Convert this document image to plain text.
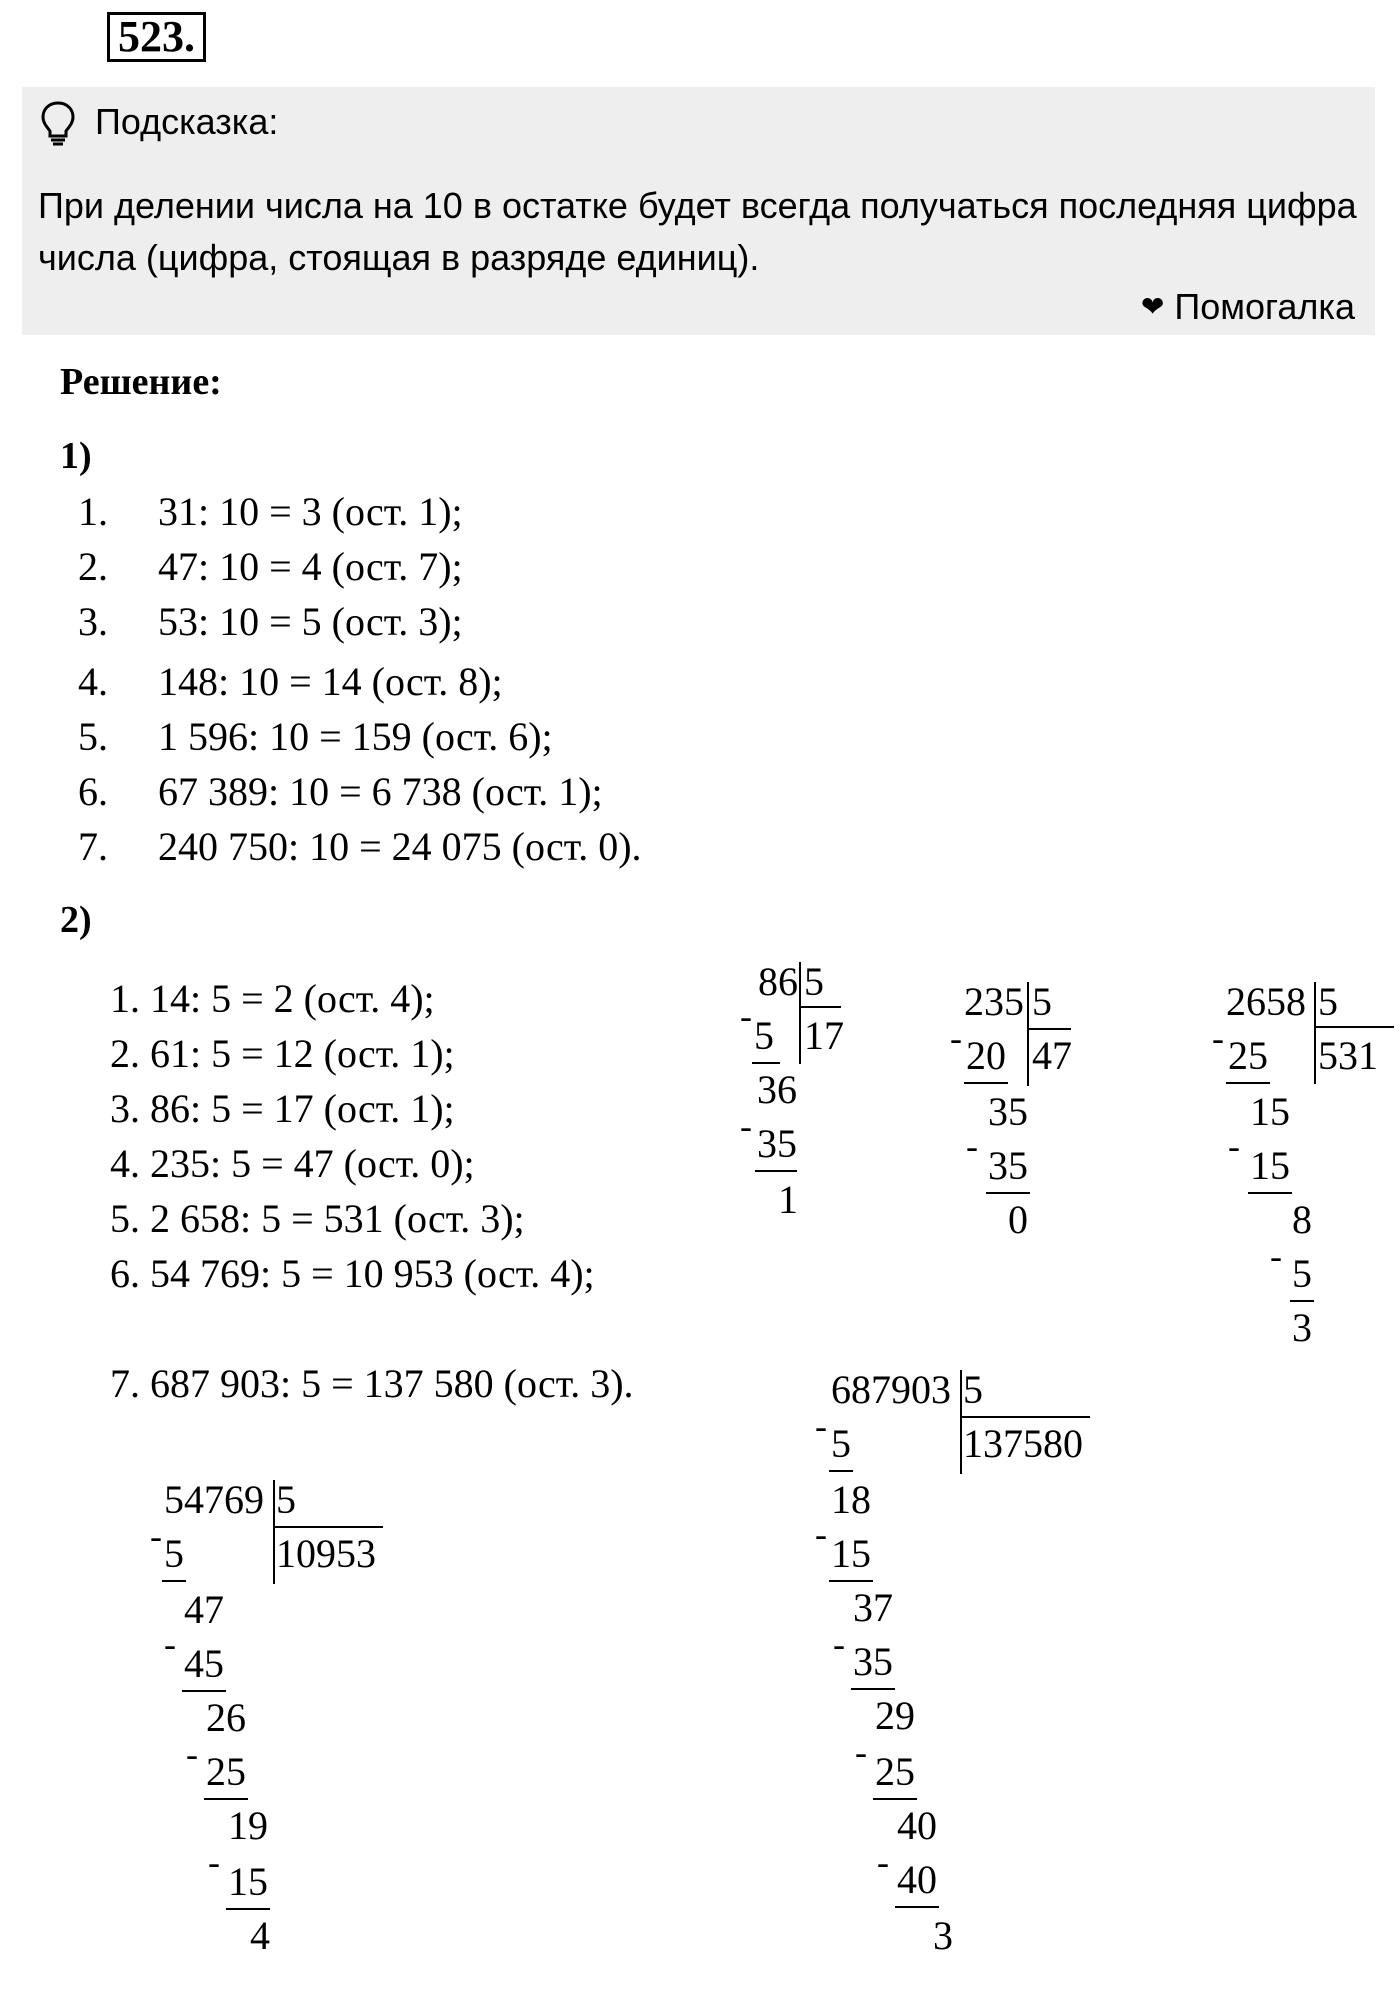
523.
Подсказка:
При делении числа на 10 в остатке будет всегда получаться последняя цифра числа (цифра, стоящая в разряде единиц).
❤ Помогалка
Решение:
1)
1. 31: 10 = 3 (ост. 1);
2. 47: 10 = 4 (ост. 7);
3. 53: 10 = 5 (ост. 3);
4. 148: 10 = 14 (ост. 8);
5. 1 596: 10 = 159 (ост. 6);
6. 67 389: 10 = 6 738 (ост. 1);
7. 240 750: 10 = 24 075 (ост. 0).
2)
1. 14: 5 = 2 (ост. 4);
2. 61: 5 = 12 (ост. 1);
3. 86: 5 = 17 (ост. 1);
4. 235: 5 = 47 (ост. 0);
5. 2 658: 5 = 531 (ост. 3);
6. 54 769: 5 = 10 953 (ост. 4);
7. 687 903: 5 = 137 580 (ост. 3).
86 5
17
- 5
36
- 35
1
235 5
47
- 20
35
- 35
0
2658 5
531
- 25
15
- 15
8
- 5
3
54769 5
10953
- 5
47
- 45
26
- 25
19
- 15
4
687903 5
137580
- 5
18
- 15
37
- 35
29
- 25
40
- 40
3
